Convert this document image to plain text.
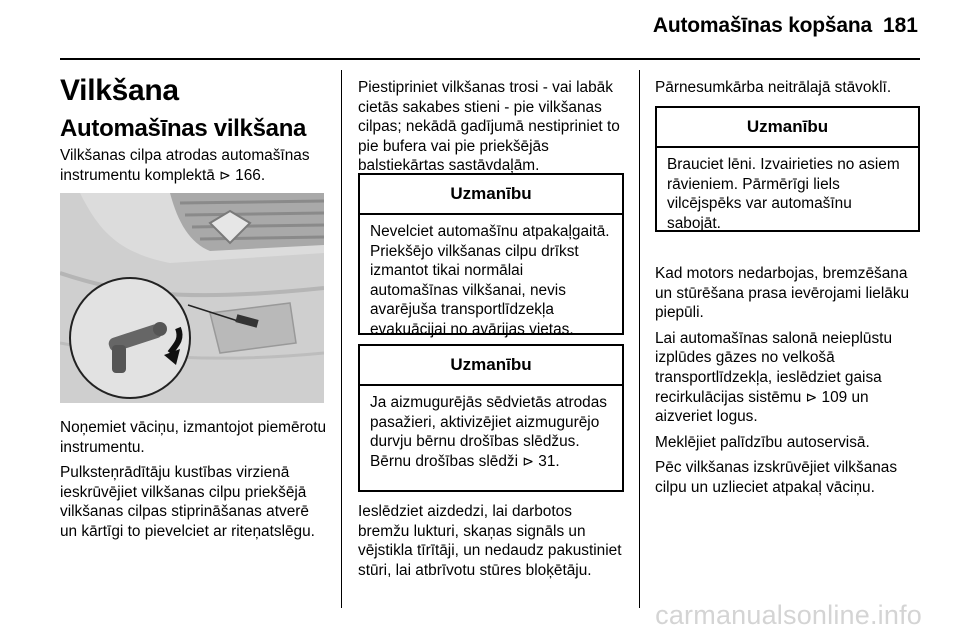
Automašīnas kopšana 181
Vilkšana
Automašīnas vilkšana

Vilkšanas cilpa atrodas automašīnas instrumentu komplektā ⊳ 166.

Noņemiet vāciņu, izmantojot piemērotu instrumentu.

Pulksteņrādītāju kustības virzienā ieskrūvējiet vilkšanas cilpu priekšējā vilkšanas cilpas stiprināšanas atverē un kārtīgi to pievelciet ar riteņatslēgu.

Piestipriniet vilkšanas trosi - vai labāk cietās sakabes stieni - pie vilkšanas cilpas; nekādā gadījumā nestipriniet to pie bufera vai pie priekšējās balstiekārtas sastāvdaļām.

Uzmanību
Nevelciet automašīnu atpakaļgaitā. Priekšējo vilkšanas cilpu drīkst izmantot tikai normālai automašīnas vilkšanai, nevis avarējuša transportlīdzekļa evakuācijai no avārijas vietas.
Uzmanību
Ja aizmugurējās sēdvietās atrodas pasažieri, aktivizējiet aizmugurējo durvju bērnu drošības slēdžus. Bērnu drošības slēdži ⊳ 31.

Ieslēdziet aizdedzi, lai darbotos bremžu lukturi, skaņas signāls un vējstikla tīrītāji, un nedaudz pakustiniet stūri, lai atbrīvotu stūres bloķētāju.

Pārnesumkārba neitrālajā stāvoklī.

Uzmanību
Brauciet lēni. Izvairieties no asiem rāvieniem. Pārmērīgi liels vilcējspēks var automašīnu sabojāt.

Kad motors nedarbojas, bremzēšana un stūrēšana prasa ievērojami lielāku piepūli.

Lai automašīnas salonā neieplūstu izplūdes gāzes no velkošā transportlīdzekļa, ieslēdziet gaisa recirkulācijas sistēmu ⊳ 109 un aizveriet logus.

Meklējiet palīdzību autoservisā.

Pēc vilkšanas izskrūvējiet vilkšanas cilpu un uzlieciet atpakaļ vāciņu.

carmanualsonline.info
